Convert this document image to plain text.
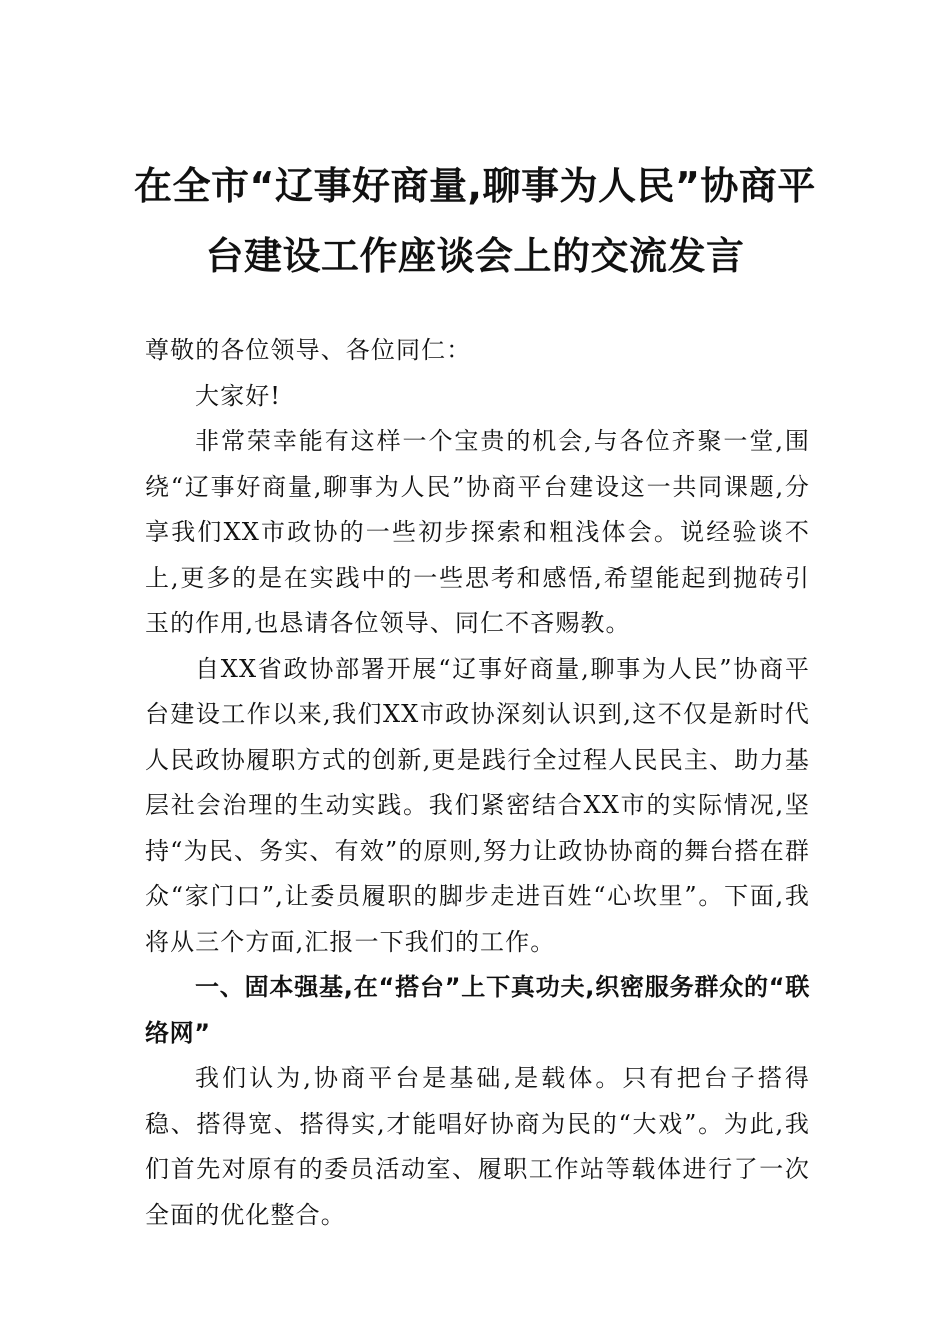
在全市“辽事好商量,聊事为人民”协商平
台建设工作座谈会上的交流发言

尊敬的各位领导、各位同仁：

大家好!

非常荣幸能有这样一个宝贵的机会,与各位齐聚一堂,围绕“辽事好商量,聊事为人民”协商平台建设这一共同课题,分享我们XX市政协的一些初步探索和粗浅体会。说经验谈不上,更多的是在实践中的一些思考和感悟,希望能起到抛砖引玉的作用,也恳请各位领导、同仁不吝赐教。

自XX省政协部署开展“辽事好商量,聊事为人民”协商平台建设工作以来,我们XX市政协深刻认识到,这不仅是新时代人民政协履职方式的创新,更是践行全过程人民民主、助力基层社会治理的生动实践。我们紧密结合XX市的实际情况,坚持“为民、务实、有效”的原则,努力让政协协商的舞台搭在群众“家门口”,让委员履职的脚步走进百姓“心坎里”。下面,我将从三个方面,汇报一下我们的工作。

一、固本强基,在“搭台”上下真功夫,织密服务群众的“联络网”

我们认为,协商平台是基础,是载体。只有把台子搭得稳、搭得宽、搭得实,才能唱好协商为民的“大戏”。为此,我们首先对原有的委员活动室、履职工作站等载体进行了一次全面的优化整合。
